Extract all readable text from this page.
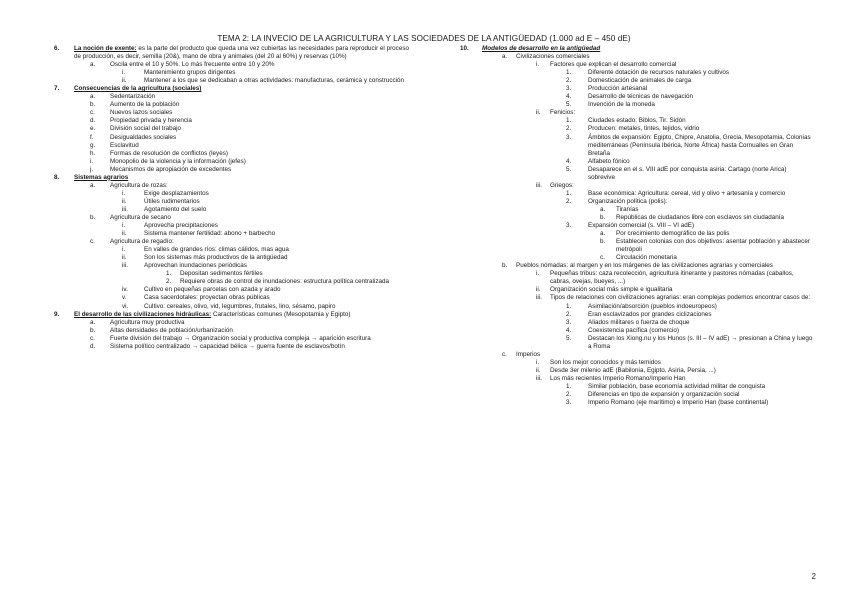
TEMA 2: LA INVECIO DE LA AGRICULTURA Y LAS SOCIEDADES DE LA ANTIGÜEDAD (1.000 ad E – 450 dE)
6. La noción de exente: es la parte del producto que queda una vez cubiertas las necesidades para reproducir el proceso de producción, es decir, semilla (20&), mano de obra y animales (del 20 al 60%) y reservas (10%)
a. Oscila entre el 10 y 50%. Lo más frecuente entre 10 y 20%
i.	Mantenimiento grupos dirigentes
ii.	Mantener a los que se dedicaban a otras actividades: manufacturas, cerámica y construcción
7. Consecuencias de la agricultura (sociales)
a. Sedentarización
b. Aumento de la población
c. Nuevos lazos sociales
d. Propiedad privada y herencia
e. División social del trabajo
f.	Desigualdades sociales
g. Esclavitud
h. Formas de resolución de conflictos (leyes)
i.	Monopolio de la violencia y la información (jefes)
j.	Mecanismos de apropiación de excedentes
8. Sistemas agrarios
a. Agricultura de rozas:
i.	Exige desplazamientos
ii.	Útiles rudimentarios
iii.	Agotamiento del suelo
b. Agricultura de secano
i.	Aprovecha precipitaciones
ii.	Sistema mantener fertilidad: abono + barbecho
c. Agricultura de regadío:
i.	En valles de grandes ríos: climas cálidos, mas agua
ii.	Son los sistemas más productivos de la antigüedad
iii.	Aprovechan inundaciones periódicas
1. Depositan sedimentos fértiles
2. Requiere obras de control de inundaciones: estructura política centralizada
iv.	Cultivo en pequeñas parcelas con azada y arado
v.	Casa sacerdotales: proyectan obras públicas
vi. Cultivo: cereales, olivo, vid, legumbres, frutales, lino, sésamo, papiro
9. El desarrollo de las civilizaciones hidráulicas: Características comunes (Mesopotamia y Egipto)
a. Agricultura muy productiva
b. Altas densidades de población/urbanización
c. Fuerte división del trabajo → Organización social y productiva compleja → aparición escritura
d. Sistema político centralizado → capacidad bélica → guerra fuente de esclavos/botín
10. Modelos de desarrollo en la antigüedad
a. Civilizaciones comerciales
i. Factores que explican el desarrollo comercial
1.	Diferente dotación de recursos naturales y cultivos
2.	Domesticación de animales de carga
3.	Producción artesanal
4.	Desarrollo de técnicas de navegación
5.	Invención de la moneda
ii. Fenicios:
1.	Ciudades estado: Biblos, Tir. Sidón
2.	Producen: metales, tintes, tejidos, vidrio
3.	Ámbitos de expansión: Egipto, Chipre, Anatolia, Grecia, Mesopotamia, Colonias mediterráneas (Península Ibérica, Norte África) hasta Cornualles en Gran Bretaña
4.	Alfabeto fónico
5.	Desaparece en el s. VIII adE por conquista asiria: Cartago (norte Arica) sobrevive
iii. Griegos:
1.	Base económica: Agricultura: cereal, vid y olivo + artesanía y comercio
2.	Organización política (polis):
a. Tiranías
b. Repúblicas de ciudadanos libre con esclavos sin ciudadanía
3.	Expansión comercial (s. VIII – VI adE)
a. Por crecimiento demográfico de las polis
b. Establecen colonias con dos objetivos: asentar población y abastecer metrópoli
c. Circulación monetaria
b. Pueblos nómadas: al margen y en los márgenes de las civilizaciones agrarias y comerciales
i. Pequeñas tribus: caza recolección, agricultura itinerante y pastores nómadas (caballos, cabras, ovejas, bueyes, ...)
ii. Organización social más simple e igualitaria
iii. Tipos de relaciones con civilizaciones agrarias: eran complejas podemos encontrar casos de:
1.	Asimilación/absorción (pueblos indoeuropeos)
2.	Eran esclavizados por grandes ciclizaciones
3.	Aliados militares o fuerza de choque
4.	Coexistencia pacífica (comercio)
5.	Destacan los Xiong.nu y los Hunos (s. III – IV adE) → presionan a China y luego a Roma
c. Imperios
i. Son los mejor conocidos y más temidos
ii. Desde 3er milenio adE (Babilonia, Egipto, Asiria, Persia, ...)
iii. Los más recientes Imperio Romano/Imperio Han
1.	Similar población, base economía actividad militar de conquista
2.	Diferencias en tipo de expansión y organización social
3.	Imperio Romano (eje marítimo) e Imperio Han (base continental)
2
